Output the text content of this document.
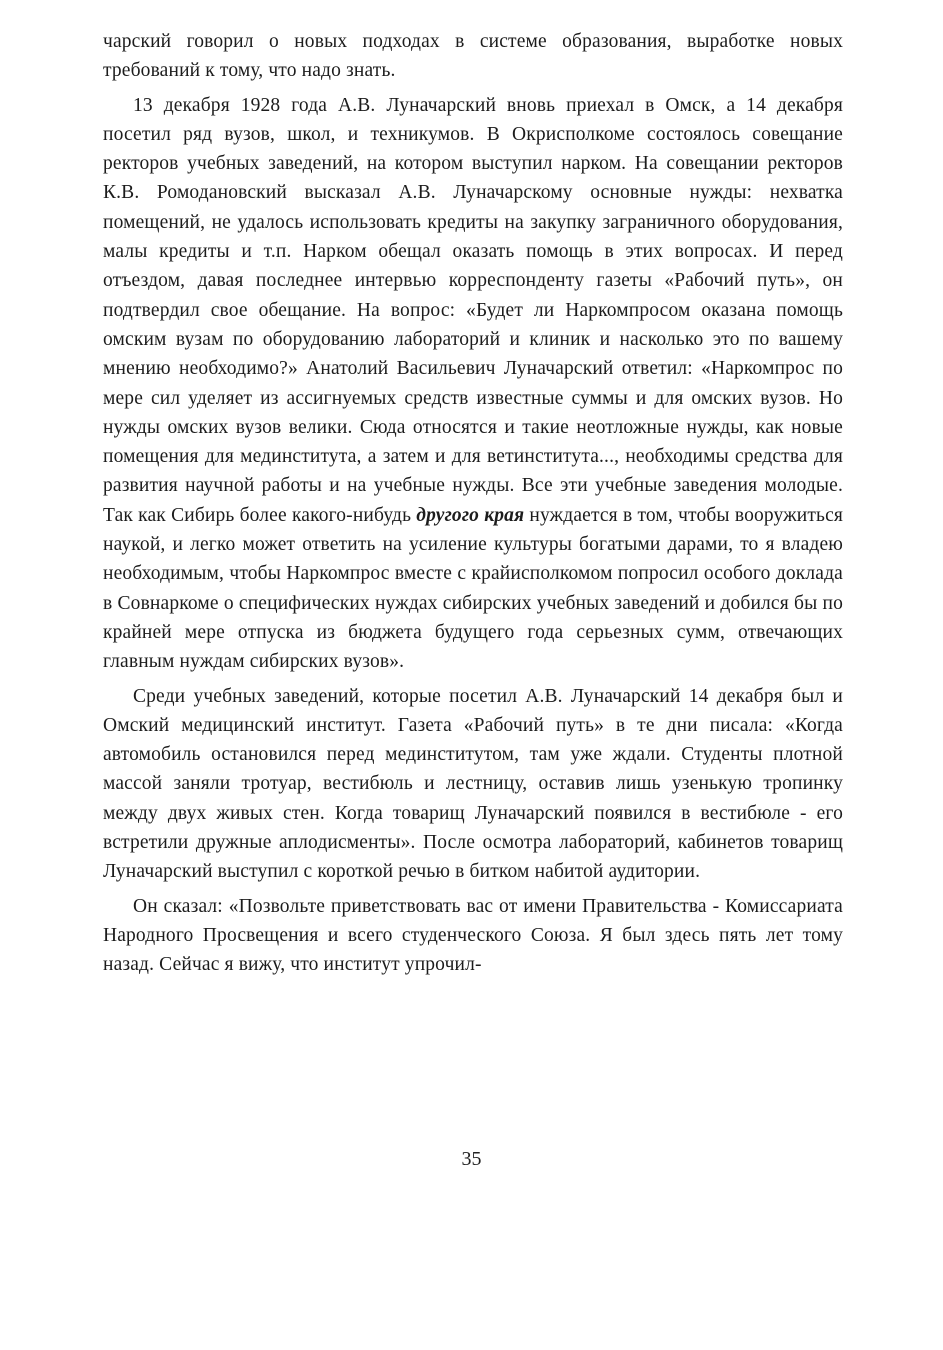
чарский говорил о новых подходах в системе образования, выработке новых требований к тому, что надо знать.

13 декабря 1928 года А.В. Луначарский вновь приехал в Омск, а 14 декабря посетил ряд вузов, школ, и техникумов. В Окрисполкоме состоялось совещание ректоров учебных заведений, на котором выступил нарком. На совещании ректоров К.В. Ромодановский высказал А.В. Луначарскому основные нужды: нехватка помещений, не удалось использовать кредиты на закупку заграничного оборудования, малы кредиты и т.п. Нарком обещал оказать помощь в этих вопросах. И перед отъездом, давая последнее интервью корреспонденту газеты «Рабочий путь», он подтвердил свое обещание. На вопрос: «Будет ли Наркомпросом оказана помощь омским вузам по оборудованию лабораторий и клиник и насколько это по вашему мнению необходимо?» Анатолий Васильевич Луначарский ответил: «Наркомпрос по мере сил уделяет из ассигнуемых средств известные суммы и для омских вузов. Но нужды омских вузов велики. Сюда относятся и такие неотложные нужды, как новые помещения для мединститута, а затем и для ветинститута..., необходимы средства для развития научной работы и на учебные нужды. Все эти учебные заведения молодые. Так как Сибирь более какого-нибудь другого края нуждается в том, чтобы вооружиться наукой, и легко может ответить на усиление культуры богатыми дарами, то я владею необходимым, чтобы Наркомпрос вместе с крайисполкомом попросил особого доклада в Совнаркоме о специфических нуждах сибирских учебных заведений и добился бы по крайней мере отпуска из бюджета будущего года серьезных сумм, отвечающих главным нуждам сибирских вузов».

Среди учебных заведений, которые посетил А.В. Луначарский 14 декабря был и Омский медицинский институт. Газета «Рабочий путь» в те дни писала: «Когда автомобиль остановился перед мединститутом, там уже ждали. Студенты плотной массой заняли тротуар, вестибюль и лестницу, оставив лишь узенькую тропинку между двух живых стен. Когда товарищ Луначарский появился в вестибюле - его встретили дружные аплодисменты». После осмотра лабораторий, кабинетов товарищ Луначарский выступил с короткой речью в битком набитой аудитории.

Он сказал: «Позвольте приветствовать вас от имени Правительства - Комиссариата Народного Просвещения и всего студенческого Союза. Я был здесь пять лет тому назад. Сейчас я вижу, что институт упрочил-

35
